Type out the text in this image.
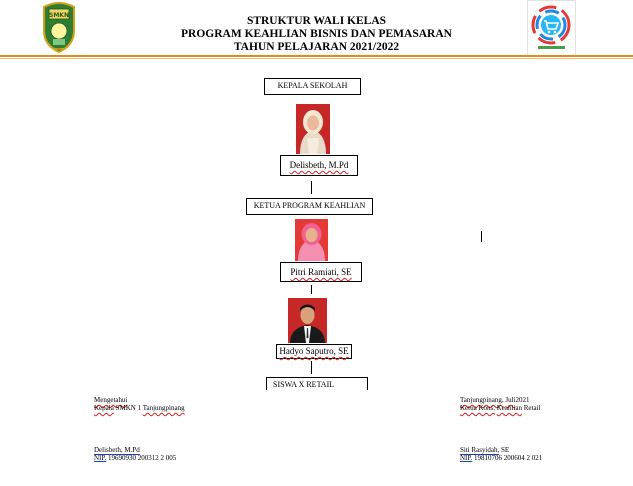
SMKN	STRUKTUR WALI KELAS
PROGRAM KEAHLIAN BISNIS DAN PEMASARAN
TAHUN PELAJARAN 2021/2022
KEPALA SEKOLAH
Delisbeth, M.Pd
KETUA PROGRAM KEAHLIAN
Pitri Ramiati, SE
Hadyo Saputro, SE
SISWA X RETAIL
Mengetahui
Kepala SMKN 1 Tanjungpinang
Delisbeth, M.Pd
NIP. 19690930 200312 2 005
Tanjungpinang, Juli2021
Ketua Kons. Keahlian Retail
Siti Rasyidah, SE
NIP. 19810706 200604 2 021
